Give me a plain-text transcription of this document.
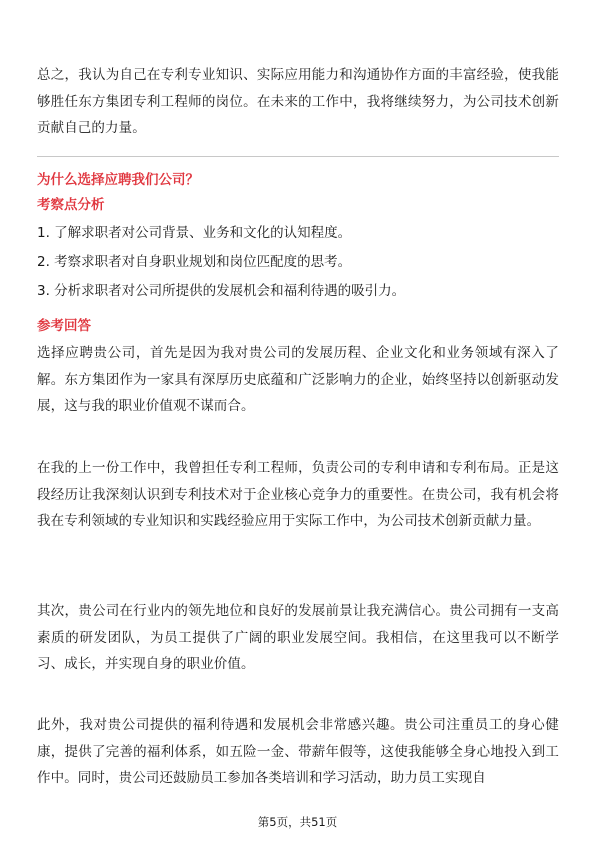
总之，我认为自己在专利专业知识、实际应用能力和沟通协作方面的丰富经验，使我能够胜任东方集团专利工程师的岗位。在未来的工作中，我将继续努力，为公司技术创新贡献自己的力量。

为什么选择应聘我们公司？

考察点分析

1. 了解求职者对公司背景、业务和文化的认知程度。

2. 考察求职者对自身职业规划和岗位匹配度的思考。

3. 分析求职者对公司所提供的发展机会和福利待遇的吸引力。

参考回答

选择应聘贵公司，首先是因为我对贵公司的发展历程、企业文化和业务领域有深入了解。东方集团作为一家具有深厚历史底蕴和广泛影响力的企业，始终坚持以创新驱动发展，这与我的职业价值观不谋而合。

在我的上一份工作中，我曾担任专利工程师，负责公司的专利申请和专利布局。正是这段经历让我深刻认识到专利技术对于企业核心竞争力的重要性。在贵公司，我有机会将我在专利领域的专业知识和实践经验应用于实际工作中，为公司技术创新贡献力量。

其次，贵公司在行业内的领先地位和良好的发展前景让我充满信心。贵公司拥有一支高素质的研发团队，为员工提供了广阔的职业发展空间。我相信，在这里我可以不断学习、成长，并实现自身的职业价值。

此外，我对贵公司提供的福利待遇和发展机会非常感兴趣。贵公司注重员工的身心健康，提供了完善的福利体系，如五险一金、带薪年假等，这使我能够全身心地投入到工作中。同时，贵公司还鼓励员工参加各类培训和学习活动，助力员工实现自

第5页，共51页
